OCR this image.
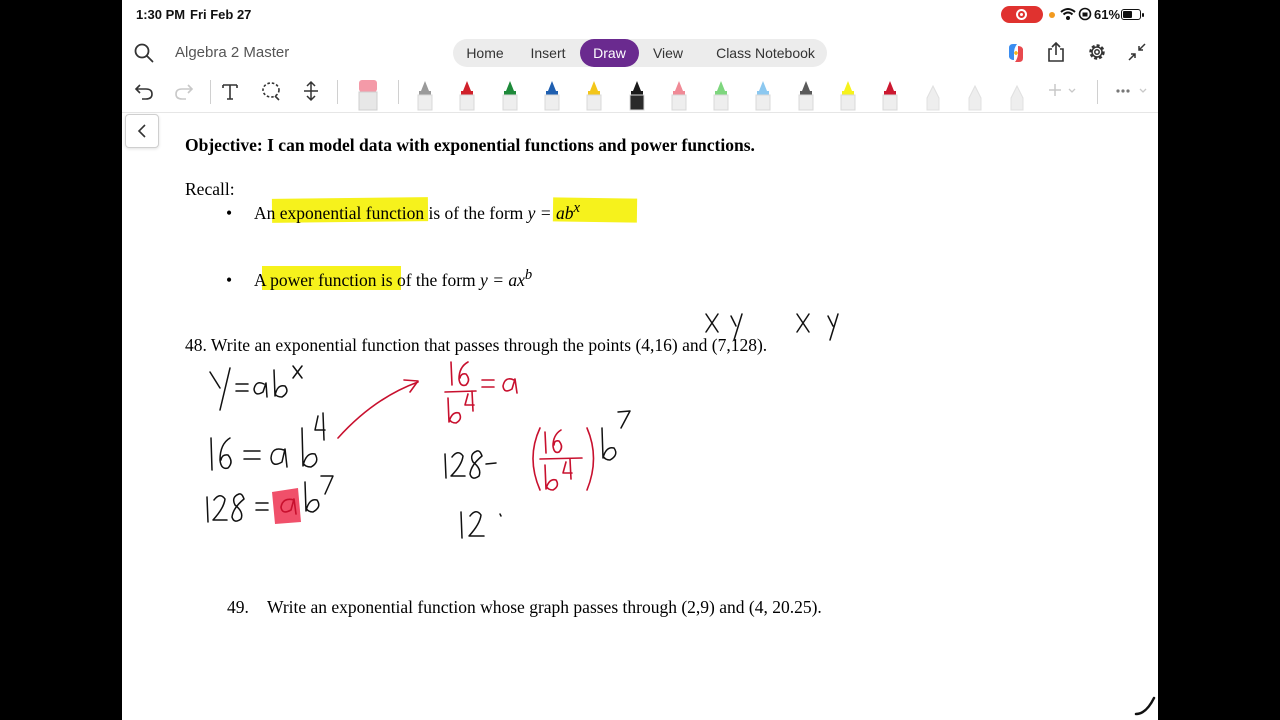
1:30 PM Fri Feb 27	61%
Algebra 2 Master	Home	Insert	Draw	View	Class Notebook
Objective: I can model data with exponential functions and power functions.
Recall:
• An exponential function is of the form $y = ab^x$
• A power function is of the form $y = ax^b$
48. Write an exponential function that passes through the points (4,16) and (7,128).
49. Write an exponential function whose graph passes through (2,9) and (4, 20.25).
